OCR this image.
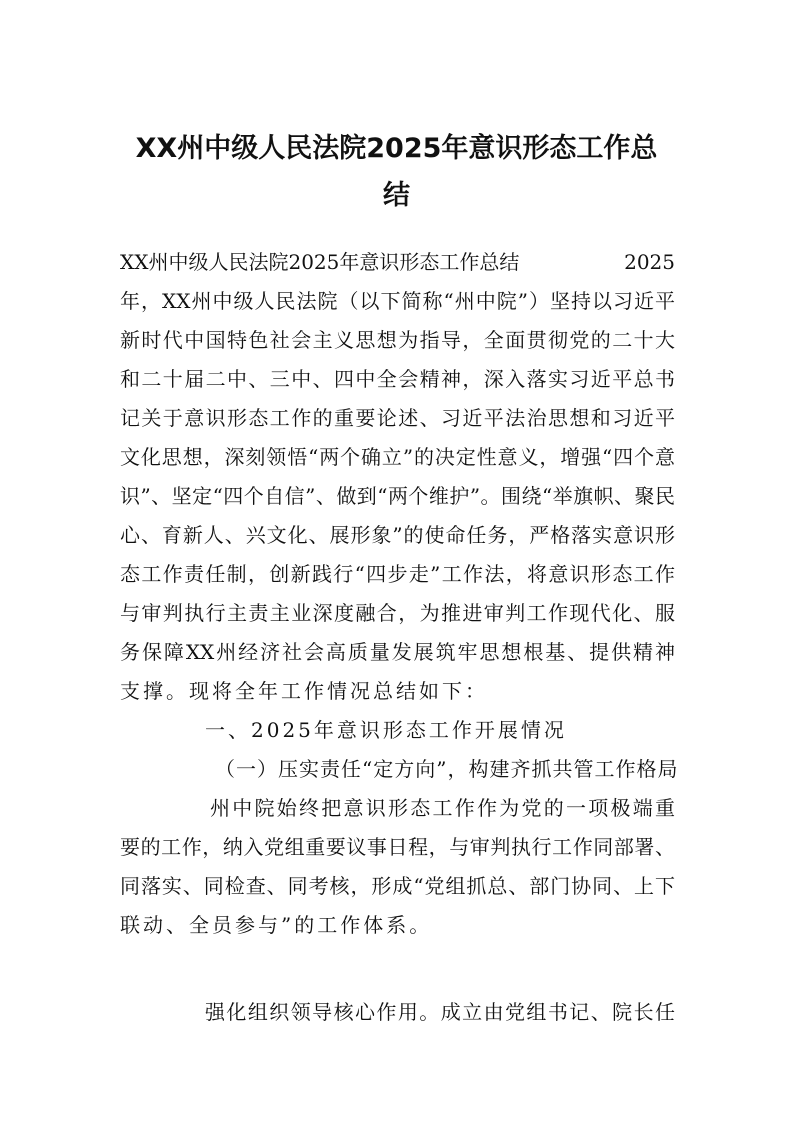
XX州中级人民法院2025年意识形态工作总
结
XX州中级人民法院2025年意识形态工作总结	2025
年，XX州中级人民法院（以下简称“州中院”）坚持以习近平
新时代中国特色社会主义思想为指导，全面贯彻党的二十大
和二十届二中、三中、四中全会精神，深入落实习近平总书
记关于意识形态工作的重要论述、习近平法治思想和习近平
文化思想，深刻领悟“两个确立”的决定性意义，增强“四个意
识”、坚定“四个自信”、做到“两个维护”。围绕“举旗帜、聚民
心、育新人、兴文化、展形象”的使命任务，严格落实意识形
态工作责任制，创新践行“四步走”工作法，将意识形态工作
与审判执行主责主业深度融合，为推进审判工作现代化、服
务保障XX州经济社会高质量发展筑牢思想根基、提供精神
支撑。现将全年工作情况总结如下：
一、2025年意识形态工作开展情况
（一）压实责任“定方向”，构建齐抓共管工作格局
州中院始终把意识形态工作作为党的一项极端重
要的工作，纳入党组重要议事日程，与审判执行工作同部署、
同落实、同检查、同考核，形成“党组抓总、部门协同、上下
联动、全员参与”的工作体系。
强化组织领导核心作用。成立由党组书记、院长任
